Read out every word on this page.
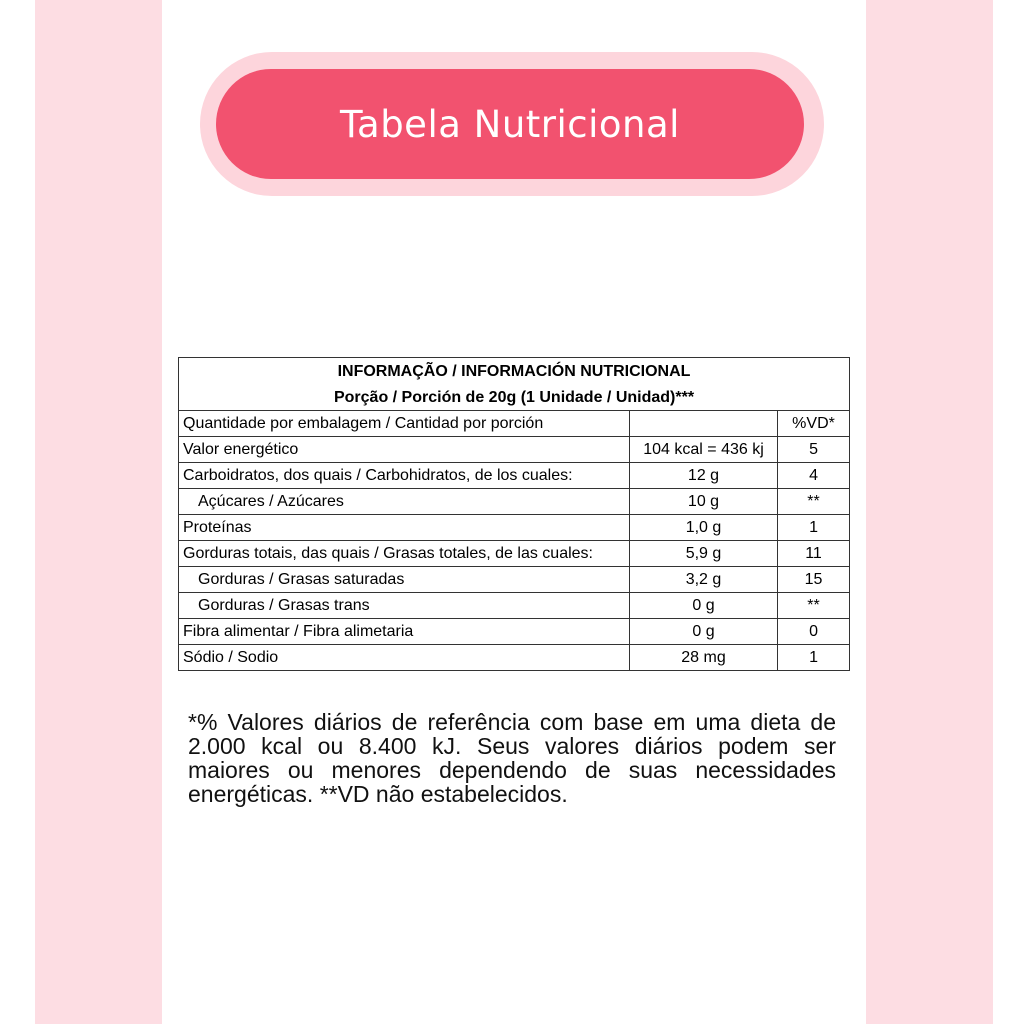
Tabela Nutricional
INFORMAÇÃO / INFORMACIÓN NUTRICIONAL		
Porção / Porción de 20g (1 Unidade / Unidad)***		
Quantidade por embalagem / Cantidad por porción		%VD*
Valor energético	104 kcal = 436 kj	5
Carboidratos, dos quais / Carbohidratos, de los cuales:	12 g	4
Açúcares / Azúcares	10 g	**
Proteínas	1,0 g	1
Gorduras totais, das quais / Grasas totales, de las cuales:	5,9 g	11
Gorduras / Grasas saturadas	3,2 g	15
Gorduras / Grasas trans	0 g	**
Fibra alimentar / Fibra alimetaria	0 g	0
Sódio / Sodio	28 mg	1

*% Valores diários de referência com base em uma dieta de 2.000 kcal ou 8.400 kJ. Seus valores diários podem ser maiores ou menores dependendo de suas necessidades energéticas. **VD não estabelecidos.
